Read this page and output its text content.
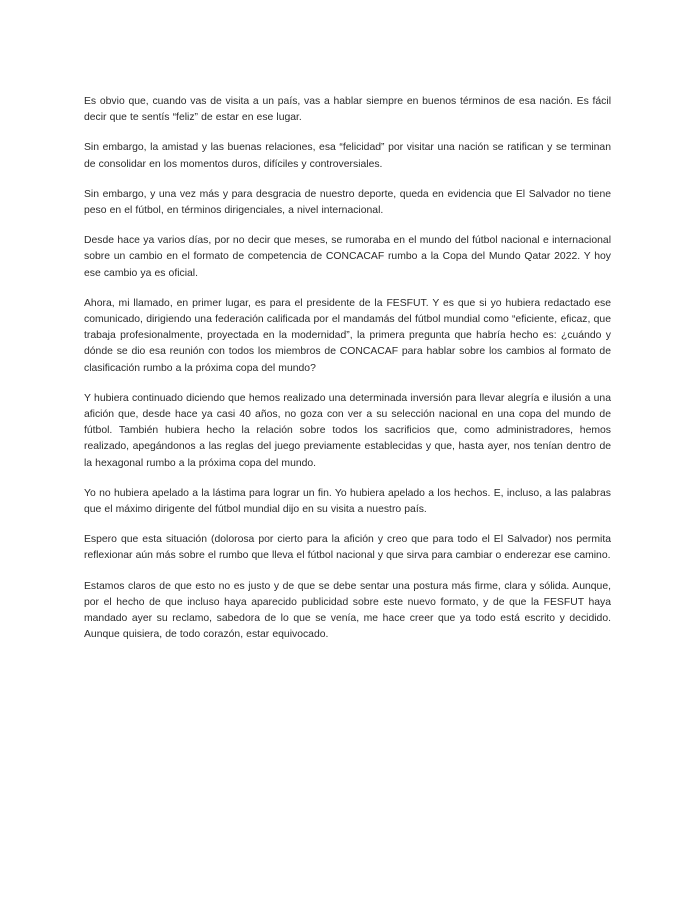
Es obvio que, cuando vas de visita a un país, vas a hablar siempre en buenos términos de esa nación. Es fácil decir que te sentís “feliz” de estar en ese lugar.

Sin embargo, la amistad y las buenas relaciones, esa “felicidad” por visitar una nación se ratifican y se terminan de consolidar en los momentos duros, difíciles y controversiales.

Sin embargo, y una vez más y para desgracia de nuestro deporte, queda en evidencia que El Salvador no tiene peso en el fútbol, en términos dirigenciales, a nivel internacional.

Desde hace ya varios días, por no decir que meses, se rumoraba en el mundo del fútbol nacional e internacional sobre un cambio en el formato de competencia de CONCACAF rumbo a la Copa del Mundo Qatar 2022. Y hoy ese cambio ya es oficial.

Ahora, mi llamado, en primer lugar, es para el presidente de la FESFUT. Y es que si yo hubiera redactado ese comunicado, dirigiendo una federación calificada por el mandamás del fútbol mundial como “eficiente, eficaz, que trabaja profesionalmente, proyectada en la modernidad”, la primera pregunta que habría hecho es: ¿cuándo y dónde se dio esa reunión con todos los miembros de CONCACAF para hablar sobre los cambios al formato de clasificación rumbo a la próxima copa del mundo?

Y hubiera continuado diciendo que hemos realizado una determinada inversión para llevar alegría e ilusión a una afición que, desde hace ya casi 40 años, no goza con ver a su selección nacional en una copa del mundo de fútbol. También hubiera hecho la relación sobre todos los sacrificios que, como administradores, hemos realizado, apegándonos a las reglas del juego previamente establecidas y que, hasta ayer, nos tenían dentro de la hexagonal rumbo a la próxima copa del mundo.

Yo no hubiera apelado a la lástima para lograr un fin. Yo hubiera apelado a los hechos. E, incluso, a las palabras que el máximo dirigente del fútbol mundial dijo en su visita a nuestro país.

Espero que esta situación (dolorosa por cierto para la afición y creo que para todo el El Salvador) nos permita reflexionar aún más sobre el rumbo que lleva el fútbol nacional y que sirva para cambiar o enderezar ese camino.

Estamos claros de que esto no es justo y de que se debe sentar una postura más firme, clara y sólida. Aunque, por el hecho de que incluso haya aparecido publicidad sobre este nuevo formato, y de que la FESFUT haya mandado ayer su reclamo, sabedora de lo que se venía, me hace creer que ya todo está escrito y decidido. Aunque quisiera, de todo corazón, estar equivocado.
